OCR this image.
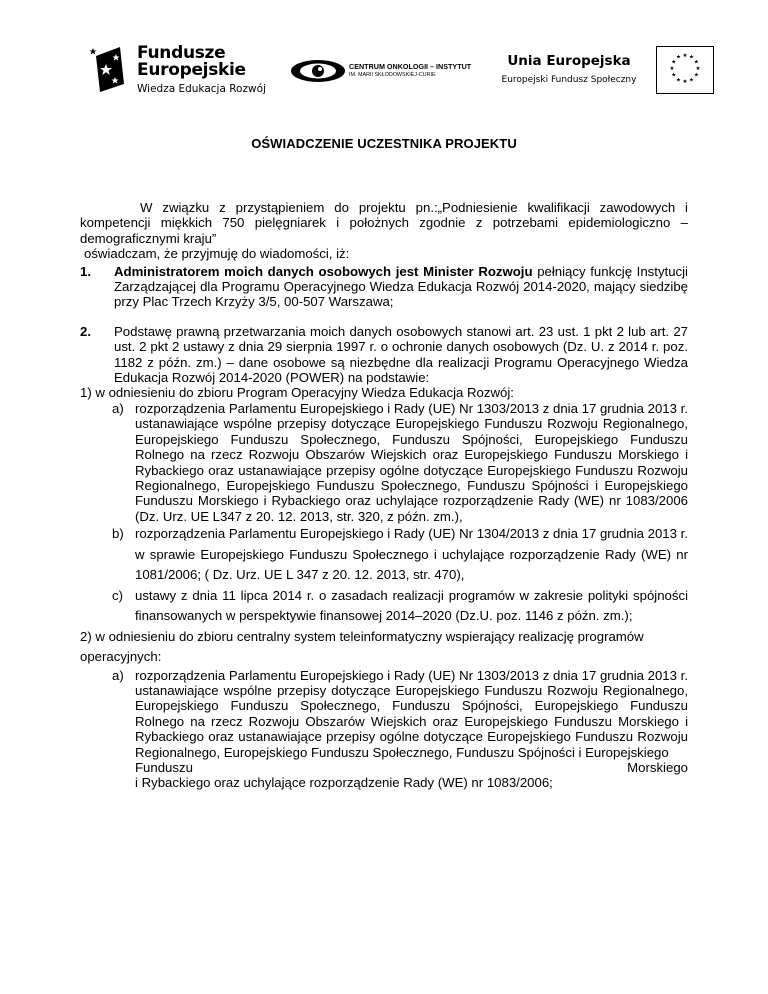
Fundusze
Europejskie
Wiedza Edukacja Rozwój
CENTRUM ONKOLOGII – INSTYTUT
IM. MARII SKŁODOWSKIEJ-CURIE
Unia Europejska
Europejski Fundusz Społeczny
★ ★
★
★
★
★
★
★
★
★
★
★
OŚWIADCZENIE UCZESTNIKA PROJEKTU

W związku z przystąpieniem do projektu pn.:„Podniesienie kwalifikacji zawodowych i kompetencji miękkich 750 pielęgniarek i położnych zgodnie z potrzebami epidemiologiczno – demograficznymi kraju”

oświadczam, że przyjmuję do wiadomości, iż:

1. Administratorem moich danych osobowych jest Minister Rozwoju pełniący funkcję Instytucji Zarządzającej dla Programu Operacyjnego Wiedza Edukacja Rozwój 2014-2020, mający siedzibę przy Plac Trzech Krzyży 3/5, 00-507 Warszawa;
2. Podstawę prawną przetwarzania moich danych osobowych stanowi art. 23 ust. 1 pkt 2 lub art. 27 ust. 2 pkt 2 ustawy z dnia 29 sierpnia 1997 r. o ochronie danych osobowych (Dz. U. z 2014 r. poz. 1182 z późn. zm.) – dane osobowe są niezbędne dla realizacji Programu Operacyjnego Wiedza Edukacja Rozwój 2014-2020 (POWER) na podstawie:

1) w odniesieniu do zbioru Program Operacyjny Wiedza Edukacja Rozwój:

a) rozporządzenia Parlamentu Europejskiego i Rady (UE) Nr 1303/2013 z dnia 17 grudnia 2013 r. ustanawiające wspólne przepisy dotyczące Europejskiego Funduszu Rozwoju Regionalnego, Europejskiego Funduszu Społecznego, Funduszu Spójności, Europejskiego Funduszu Rolnego na rzecz Rozwoju Obszarów Wiejskich oraz Europejskiego Funduszu Morskiego i Rybackiego oraz ustanawiające przepisy ogólne dotyczące Europejskiego Funduszu Rozwoju Regionalnego, Europejskiego Funduszu Społecznego, Funduszu Spójności i Europejskiego Funduszu Morskiego i Rybackiego oraz uchylające rozporządzenie Rady (WE) nr 1083/2006 (Dz. Urz. UE L347 z 20. 12. 2013, str. 320, z późn. zm.),
b) rozporządzenia Parlamentu Europejskiego i Rady (UE) Nr 1304/2013 z dnia 17 grudnia 2013 r. w sprawie Europejskiego Funduszu Społecznego i uchylające rozporządzenie Rady (WE) nr 1081/2006; ( Dz. Urz. UE L 347 z 20. 12. 2013, str. 470),
c) ustawy z dnia 11 lipca 2014 r. o zasadach realizacji programów w zakresie polityki spójności finansowanych w perspektywie finansowej 2014–2020 (Dz.U. poz. 1146 z późn. zm.);

2) w odniesieniu do zbioru centralny system teleinformatyczny wspierający realizację programów operacyjnych:

a) rozporządzenia Parlamentu Europejskiego i Rady (UE) Nr 1303/2013 z dnia 17 grudnia 2013 r. ustanawiające wspólne przepisy dotyczące Europejskiego Funduszu Rozwoju Regionalnego, Europejskiego Funduszu Społecznego, Funduszu Spójności, Europejskiego Funduszu Rolnego na rzecz Rozwoju Obszarów Wiejskich oraz Europejskiego Funduszu Morskiego i Rybackiego oraz ustanawiające przepisy ogólne dotyczące Europejskiego Funduszu Rozwoju Regionalnego, Europejskiego Funduszu Społecznego, Funduszu Spójności i Europejskiego
Funduszu	Morskiego
i Rybackiego oraz uchylające rozporządzenie Rady (WE) nr 1083/2006;
